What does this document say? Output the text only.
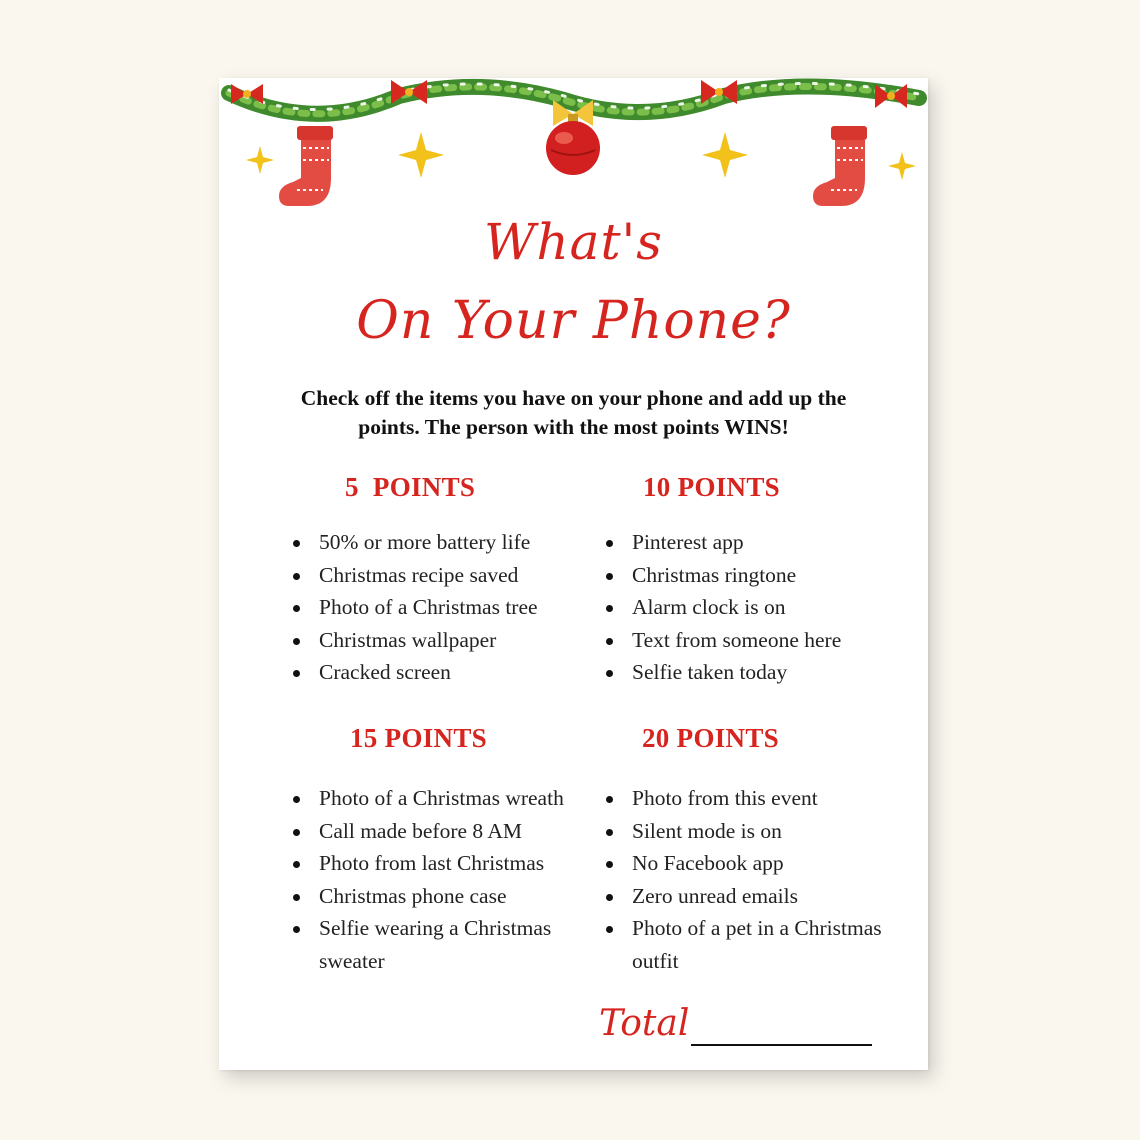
What's
On Your Phone?
Check off the items you have on your phone and add up the points. The person with the most points WINS!
5  POINTS
50% or more battery life
Christmas recipe saved
Photo of a Christmas tree
Christmas wallpaper
Cracked screen
10 POINTS
Pinterest app
Christmas ringtone
Alarm clock is on
Text from someone here
Selfie taken today
15 POINTS
Photo of a Christmas wreath
Call made before 8 AM
Photo from last Christmas
Christmas phone case
Selfie wearing a Christmas sweater
20 POINTS
Photo from this event
Silent mode is on
No Facebook app
Zero unread emails
Photo of a pet in a Christmas outfit
Total
